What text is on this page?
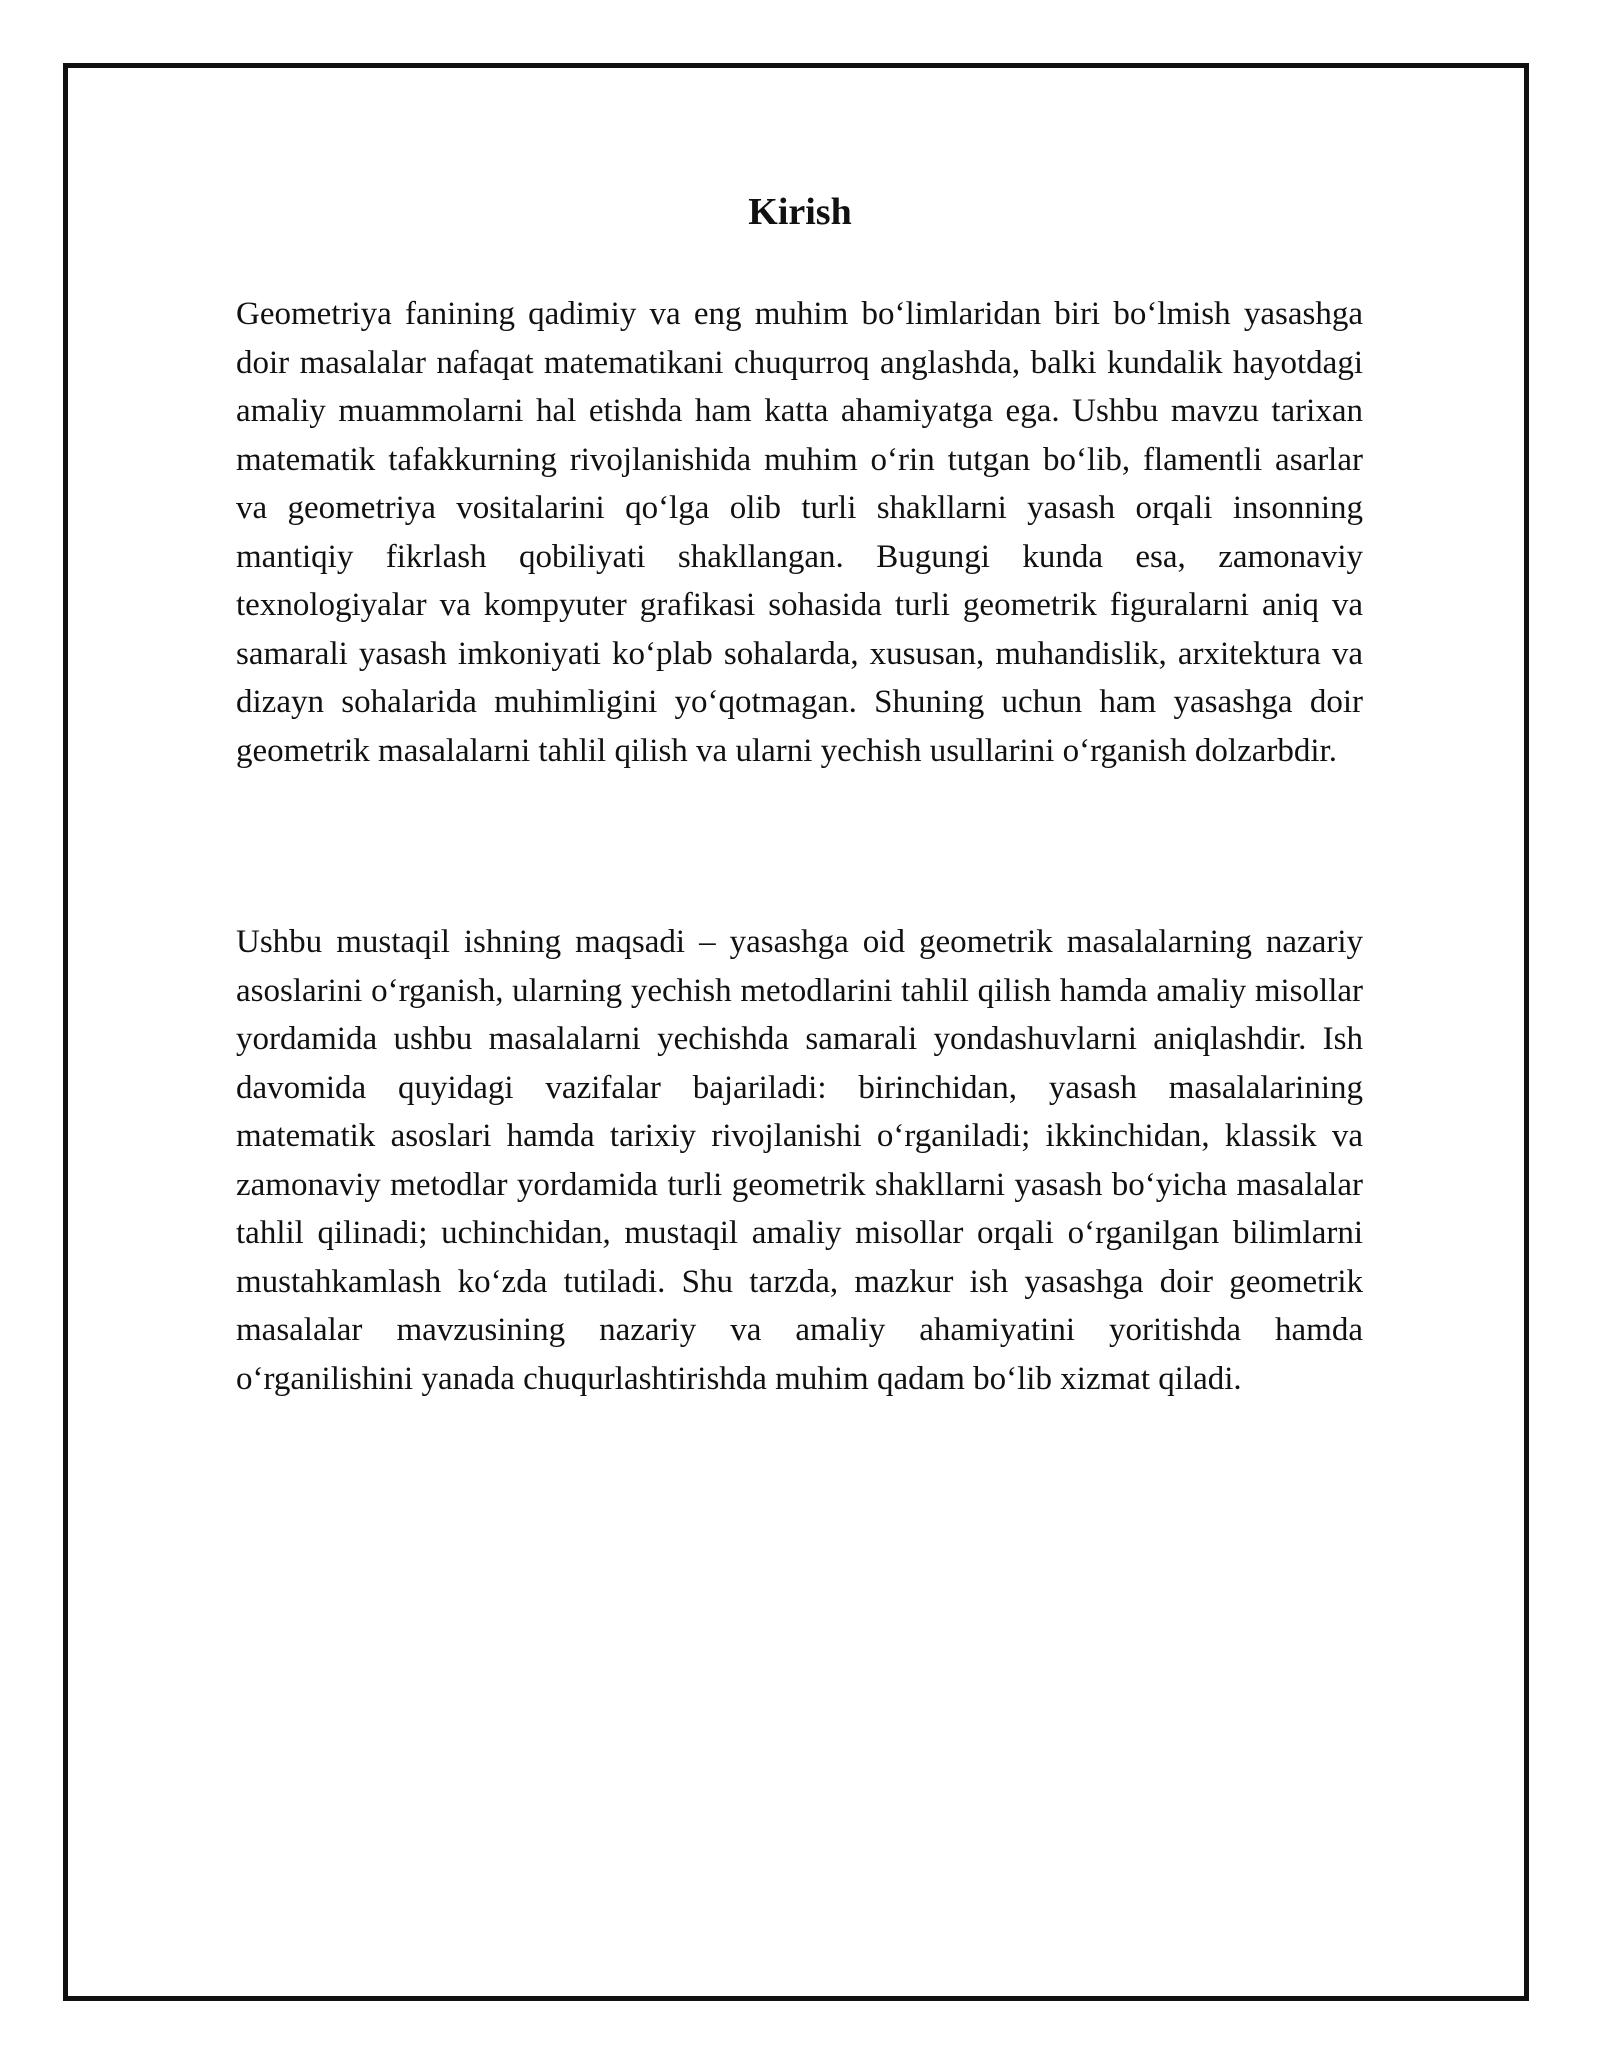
Kirish

Geometriya fanining qadimiy va eng muhim boʻlimlaridan biri boʻlmish yasashga doir masalalar nafaqat matematikani chuqurroq anglashda, balki kundalik hayotdagi amaliy muammolarni hal etishda ham katta ahamiyatga ega. Ushbu mavzu tarixan matematik tafakkurning rivojlanishida muhim oʻrin tutgan boʻlib, flamentli asarlar va geometriya vositalarini qoʻlga olib turli shakllarni yasash orqali insonning mantiqiy fikrlash qobiliyati shakllangan. Bugungi kunda esa, zamonaviy texnologiyalar va kompyuter grafikasi sohasida turli geometrik figuralarni aniq va samarali yasash imkoniyati koʻplab sohalarda, xususan, muhandislik, arxitektura va dizayn sohalarida muhimligini yoʻqotmagan. Shuning uchun ham yasashga doir geometrik masalalarni tahlil qilish va ularni yechish usullarini oʻrganish dolzarbdir.

Ushbu mustaqil ishning maqsadi – yasashga oid geometrik masalalarning nazariy asoslarini oʻrganish, ularning yechish metodlarini tahlil qilish hamda amaliy misollar yordamida ushbu masalalarni yechishda samarali yondashuvlarni aniqlashdir. Ish davomida quyidagi vazifalar bajariladi: birinchidan, yasash masalalarining matematik asoslari hamda tarixiy rivojlanishi oʻrganiladi; ikkinchidan, klassik va zamonaviy metodlar yordamida turli geometrik shakllarni yasash boʻyicha masalalar tahlil qilinadi; uchinchidan, mustaqil amaliy misollar orqali oʻrganilgan bilimlarni mustahkamlash koʻzda tutiladi. Shu tarzda, mazkur ish yasashga doir geometrik masalalar mavzusining nazariy va amaliy ahamiyatini yoritishda hamda oʻrganilishini yanada chuqurlashtirishda muhim qadam boʻlib xizmat qiladi.
